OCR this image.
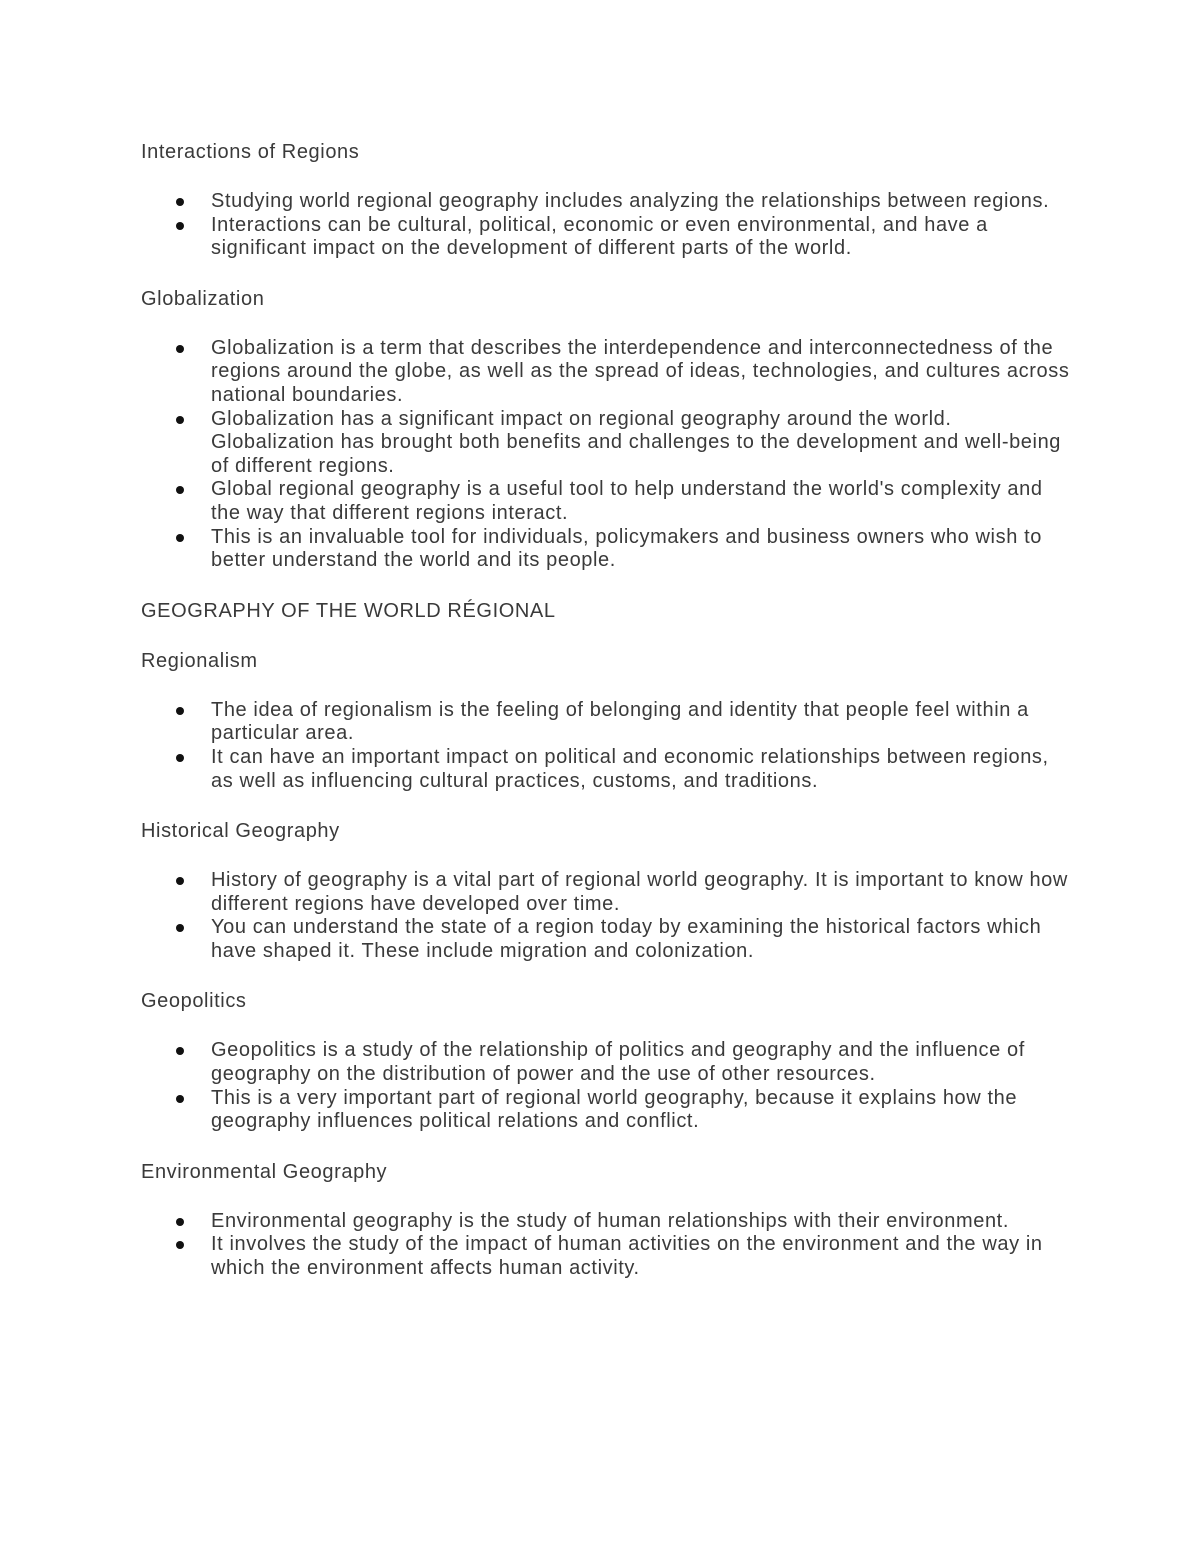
Interactions of Regions
Studying world regional geography includes analyzing the relationships between regions.
Interactions can be cultural, political, economic or even environmental, and have a significant impact on the development of different parts of the world.
Globalization
Globalization is a term that describes the interdependence and interconnectedness of the regions around the globe, as well as the spread of ideas, technologies, and cultures across national boundaries.
Globalization has a significant impact on regional geography around the world. Globalization has brought both benefits and challenges to the development and well-being of different regions.
Global regional geography is a useful tool to help understand the world's complexity and the way that different regions interact.
This is an invaluable tool for individuals, policymakers and business owners who wish to better understand the world and its people.
GEOGRAPHY OF THE WORLD RÉGIONAL
Regionalism
The idea of regionalism is the feeling of belonging and identity that people feel within a particular area.
It can have an important impact on political and economic relationships between regions, as well as influencing cultural practices, customs, and traditions.
Historical Geography
History of geography is a vital part of regional world geography. It is important to know how different regions have developed over time.
You can understand the state of a region today by examining the historical factors which have shaped it. These include migration and colonization.
Geopolitics
Geopolitics is a study of the relationship of politics and geography and the influence of geography on the distribution of power and the use of other resources.
This is a very important part of regional world geography, because it explains how the geography influences political relations and conflict.
Environmental Geography
Environmental geography is the study of human relationships with their environment.
It involves the study of the impact of human activities on the environment and the way in which the environment affects human activity.
